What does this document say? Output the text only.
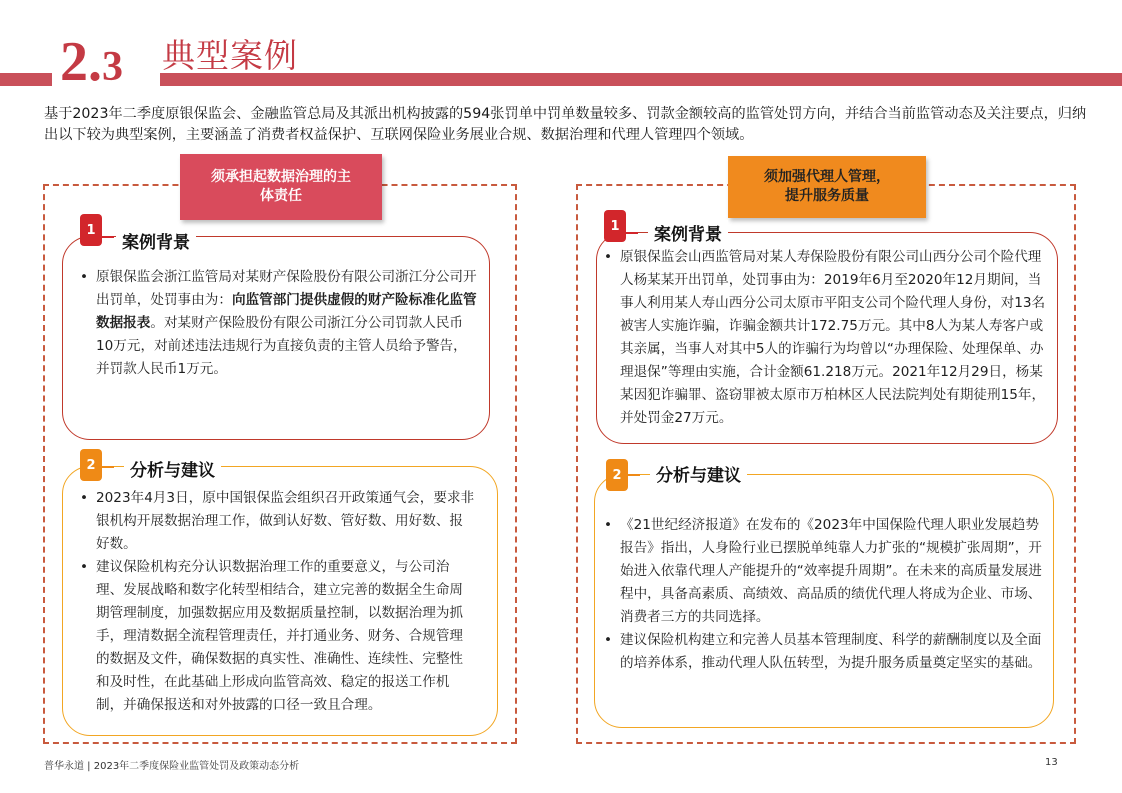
2.3 典型案例
基于2023年二季度原银保监会、金融监管总局及其派出机构披露的594张罚单中罚单数量较多、罚款金额较高的监管处罚方向，并结合当前监管动态及关注要点，归纳出以下较为典型案例，主要涵盖了消费者权益保护、互联网保险业务展业合规、数据治理和代理人管理四个领域。
须承担起数据治理的主
体责任
1
案例背景
• 原银保监会浙江监管局对某财产保险股份有限公司浙江分公司开出罚单，处罚事由为：向监管部门提供虚假的财产险标准化监管数据报表。对某财产保险股份有限公司浙江分公司罚款人民币10万元，对前述违法违规行为直接负责的主管人员给予警告，并罚款人民币1万元。
2	分析与建议
• 2023年4月3日，原中国银保监会组织召开政策通气会，要求非银机构开展数据治理工作，做到认好数、管好数、用好数、报好数。
• 建议保险机构充分认识数据治理工作的重要意义，与公司治理、发展战略和数字化转型相结合，建立完善的数据全生命周期管理制度，加强数据应用及数据质量控制，以数据治理为抓手，理清数据全流程管理责任，并打通业务、财务、合规管理的数据及文件，确保数据的真实性、准确性、连续性、完整性和及时性，在此基础上形成向监管高效、稳定的报送工作机制，并确保报送和对外披露的口径一致且合理。
须加强代理人管理，
提升服务质量
1	案例背景
• 原银保监会山西监管局对某人寿保险股份有限公司山西分公司个险代理人杨某某开出罚单，处罚事由为：2019年6月至2020年12月期间，当事人利用某人寿山西分公司太原市平阳支公司个险代理人身份，对13名被害人实施诈骗，诈骗金额共计172.75万元。其中8人为某人寿客户或其亲属，当事人对其中5人的诈骗行为均曾以“办理保险、处理保单、办理退保”等理由实施，合计金额61.218万元。2021年12月29日，杨某某因犯诈骗罪、盗窃罪被太原市万柏林区人民法院判处有期徒刑15年，并处罚金27万元。
2	分析与建议
• 《21世纪经济报道》在发布的《2023年中国保险代理人职业发展趋势报告》指出，人身险行业已摆脱单纯靠人力扩张的“规模扩张周期”，开始进入依靠代理人产能提升的“效率提升周期”。在未来的高质量发展进程中，具备高素质、高绩效、高品质的绩优代理人将成为企业、市场、消费者三方的共同选择。
• 建议保险机构建立和完善人员基本管理制度、科学的薪酬制度以及全面的培养体系，推动代理人队伍转型，为提升服务质量奠定坚实的基础。
普华永道 | 2023年二季度保险业监管处罚及政策动态分析	13
